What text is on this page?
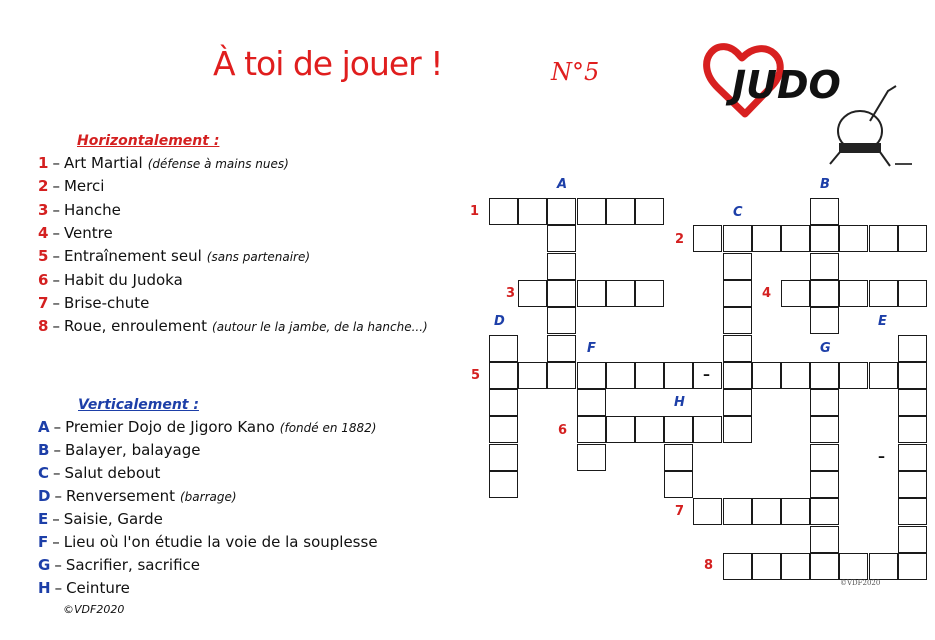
À toi de jouer !	N°5	JUDO
Horizontalement :
1 – Art Martial (défense à mains nues)
2 – Merci
3 – Hanche
4 – Ventre
5 – Entraînement seul (sans partenaire)
6 – Habit du Judoka
7 – Brise-chute
8 – Roue, enroulement (autour le la jambe, de la hanche...)
Verticalement :
A – Premier Dojo de Jigoro Kano (fondé en 1882)
B – Balayer, balayage
C – Salut debout
D – Renversement (barrage)
E – Saisie, Garde
F – Lieu où l'on étudie la voie de la souplesse
G – Sacrifier, sacrifice
H – Ceinture
©VDF2020
1
2
3	4
5
6
7
8
A	B
C
D	E
F	G
H
–
–
©VDF2020
